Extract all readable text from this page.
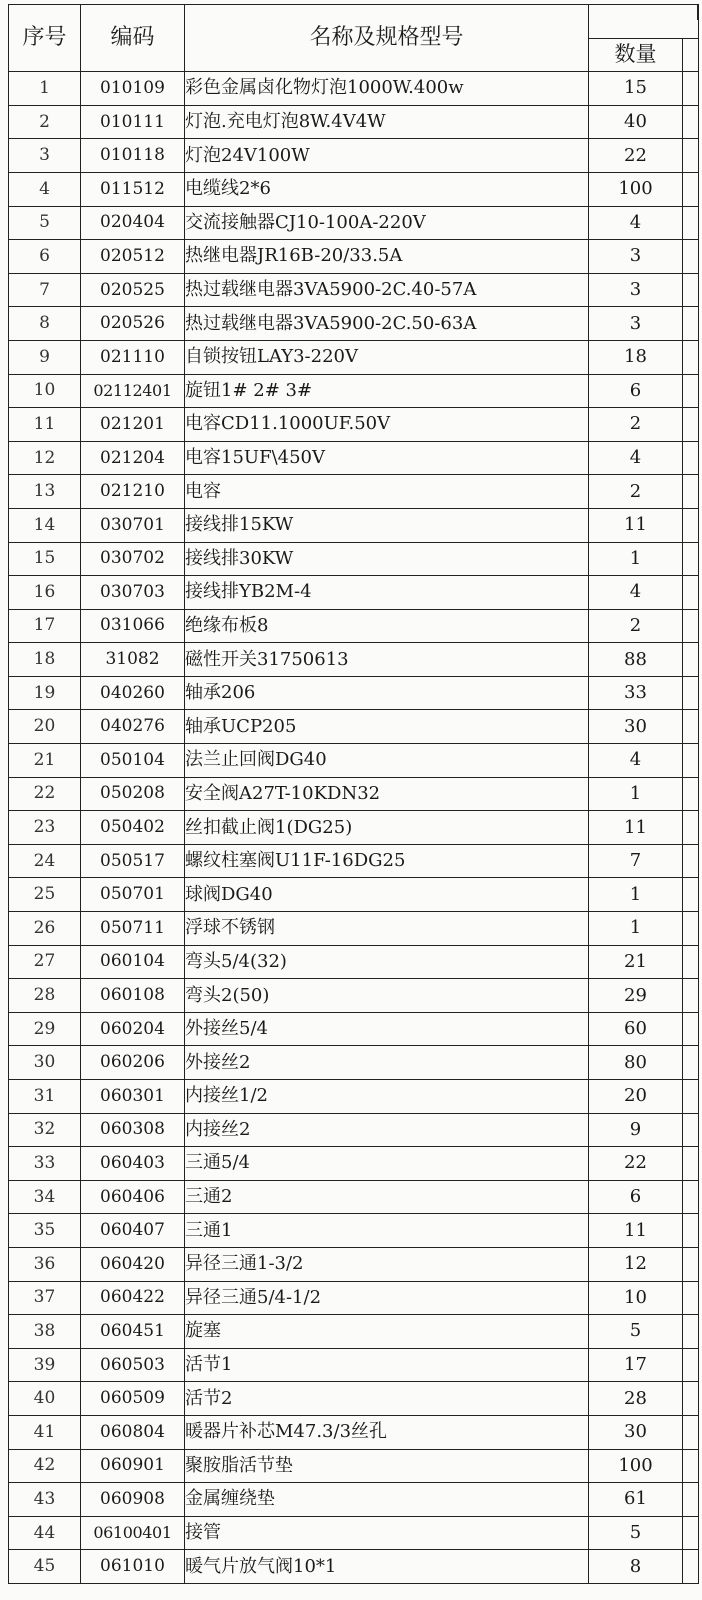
序号	编码	名称及规格型号		
			数量	
1	010109	彩色金属卤化物灯泡1000W.400w	15	
2	010111	灯泡.充电灯泡8W.4V4W	40	
3	010118	灯泡24V100W	22	
4	011512	电缆线2*6	100	
5	020404	交流接触器CJ10-100A-220V	4	
6	020512	热继电器JR16B-20/33.5A	3	
7	020525	热过载继电器3VA5900-2C.40-57A	3	
8	020526	热过载继电器3VA5900-2C.50-63A	3	
9	021110	自锁按钮LAY3-220V	18	
10	02112401	旋钮1# 2# 3#	6	
11	021201	电容CD11.1000UF.50V	2	
12	021204	电容15UF\450V	4	
13	021210	电容	2	
14	030701	接线排15KW	11	
15	030702	接线排30KW	1	
16	030703	接线排YB2M-4	4	
17	031066	绝缘布板8	2	
18	31082	磁性开关31750613	88	
19	040260	轴承206	33	
20	040276	轴承UCP205	30	
21	050104	法兰止回阀DG40	4	
22	050208	安全阀A27T-10KDN32	1	
23	050402	丝扣截止阀1(DG25)	11	
24	050517	螺纹柱塞阀U11F-16DG25	7	
25	050701	球阀DG40	1	
26	050711	浮球不锈钢	1	
27	060104	弯头5/4(32)	21	
28	060108	弯头2(50)	29	
29	060204	外接丝5/4	60	
30	060206	外接丝2	80	
31	060301	内接丝1/2	20	
32	060308	内接丝2	9	
33	060403	三通5/4	22	
34	060406	三通2	6	
35	060407	三通1	11	
36	060420	异径三通1-3/2	12	
37	060422	异径三通5/4-1/2	10	
38	060451	旋塞	5	
39	060503	活节1	17	
40	060509	活节2	28	
41	060804	暖器片补芯M47.3/3丝孔	30	
42	060901	聚胺脂活节垫	100	
43	060908	金属缠绕垫	61	
44	06100401	接管	5	
45	061010	暖气片放气阀10*1	8	
